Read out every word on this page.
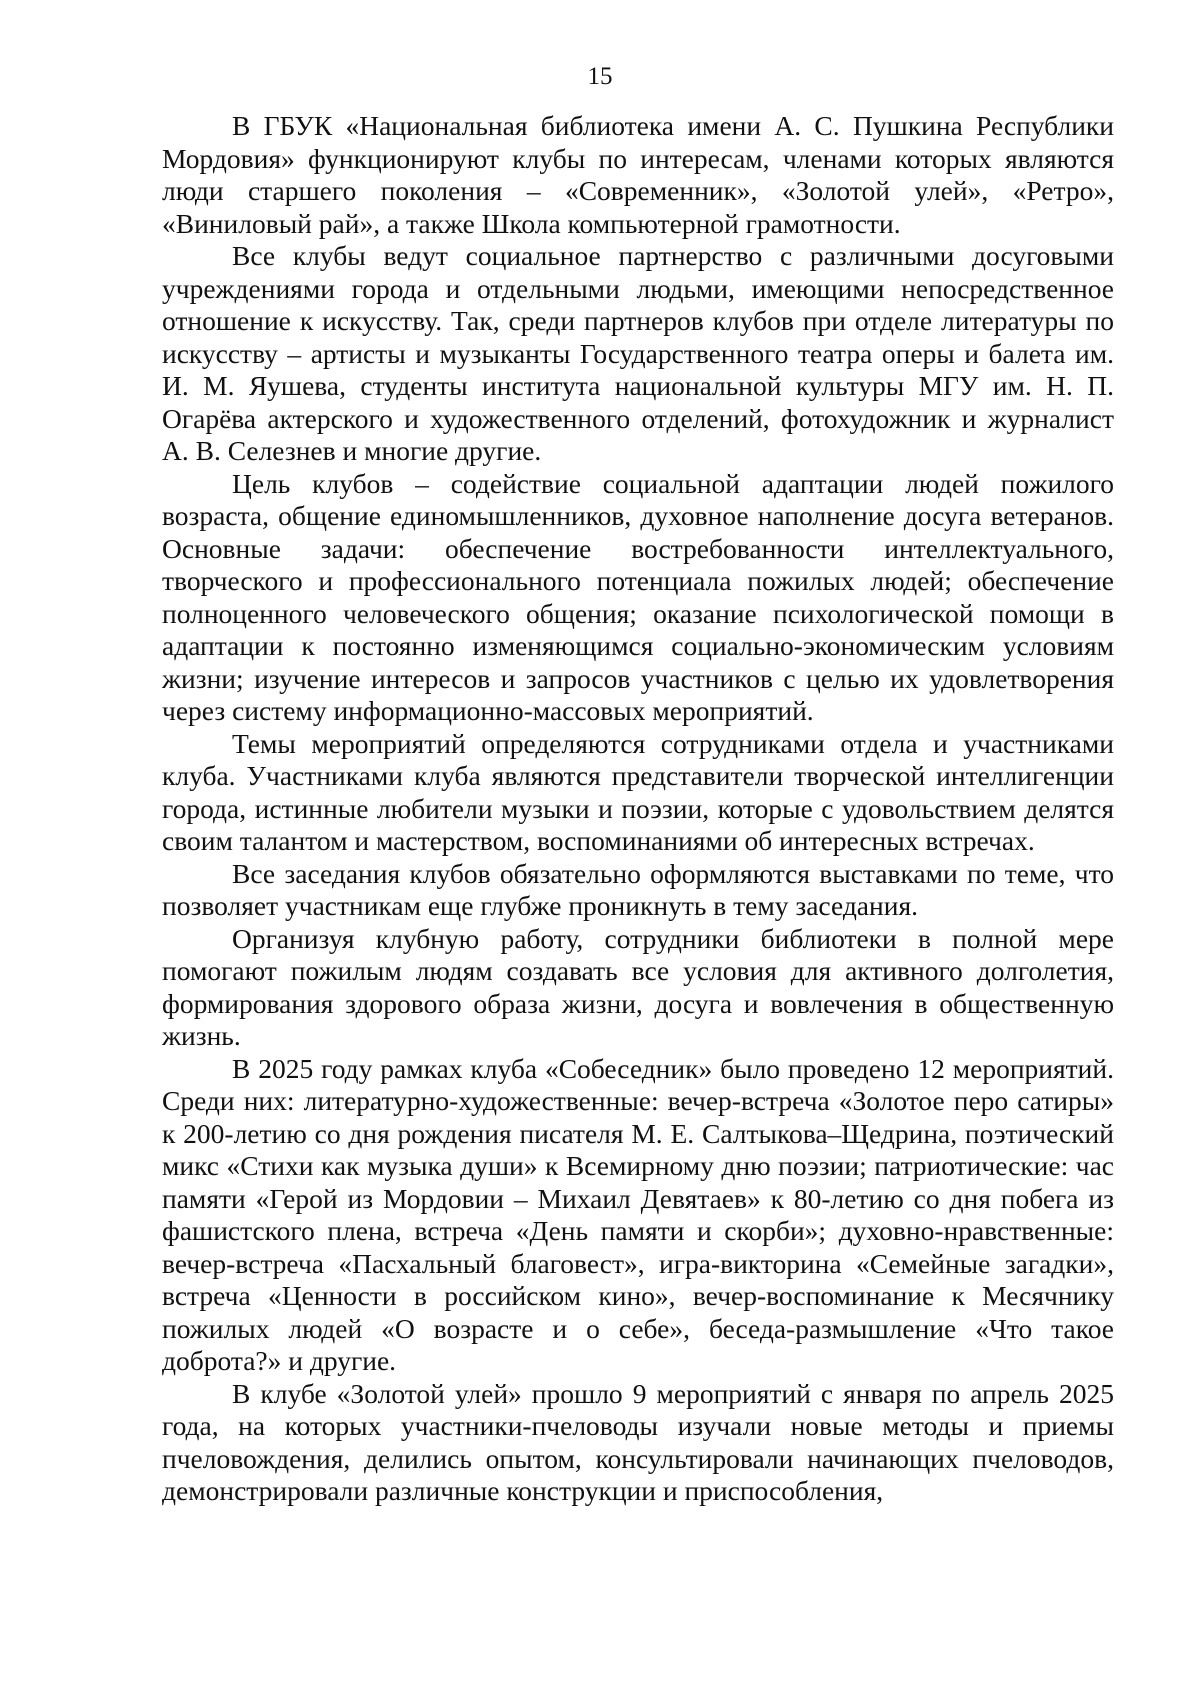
15

В ГБУК «Национальная библиотека имени А. С. Пушкина Республики Мордовия» функционируют клубы по интересам, членами которых являются люди старшего поколения – «Современник», «Золотой улей», «Ретро», «Виниловый рай», а также Школа компьютерной грамотности.

Все клубы ведут социальное партнерство с различными досуговыми учреждениями города и отдельными людьми, имеющими непосредственное отношение к искусству. Так, среди партнеров клубов при отделе литературы по искусству – артисты и музыканты Государственного театра оперы и балета им. И. М. Яушева, студенты института национальной культуры МГУ им. Н. П. Огарёва актерского и художественного отделений, фотохудожник и журналист А. В. Селезнев и многие другие.

Цель клубов – содействие социальной адаптации людей пожилого возраста, общение единомышленников, духовное наполнение досуга ветеранов. Основные задачи: обеспечение востребованности интеллектуального, творческого и профессионального потенциала пожилых людей; обеспечение полноценного человеческого общения; оказание психологической помощи в адаптации к постоянно изменяющимся социально-экономическим условиям жизни; изучение интересов и запросов участников с целью их удовлетворения через систему информационно-массовых мероприятий.

Темы мероприятий определяются сотрудниками отдела и участниками клуба. Участниками клуба являются представители творческой интеллигенции города, истинные любители музыки и поэзии, которые с удовольствием делятся своим талантом и мастерством, воспоминаниями об интересных встречах.

Все заседания клубов обязательно оформляются выставками по теме, что позволяет участникам еще глубже проникнуть в тему заседания.

Организуя клубную работу, сотрудники библиотеки в полной мере помогают пожилым людям создавать все условия для активного долголетия, формирования здорового образа жизни, досуга и вовлечения в общественную жизнь.

В 2025 году рамках клуба «Собеседник» было проведено 12 мероприятий. Среди них: литературно-художественные: вечер-встреча «Золотое перо сатиры» к 200-летию со дня рождения писателя М. Е. Салтыкова–Щедрина, поэтический микс «Стихи как музыка души» к Всемирному дню поэзии; патриотические: час памяти «Герой из Мордовии – Михаил Девятаев» к 80-летию со дня побега из фашистского плена, встреча «День памяти и скорби»; духовно-нравственные: вечер-встреча «Пасхальный благовест», игра-викторина «Семейные загадки», встреча «Ценности в российском кино», вечер-воспоминание к Месячнику пожилых людей «О возрасте и о себе», беседа-размышление «Что такое доброта?» и другие.

В клубе «Золотой улей» прошло 9 мероприятий с января по апрель 2025 года, на которых участники-пчеловоды изучали новые методы и приемы пчеловождения, делились опытом, консультировали начинающих пчеловодов, демонстрировали различные конструкции и приспособления,
